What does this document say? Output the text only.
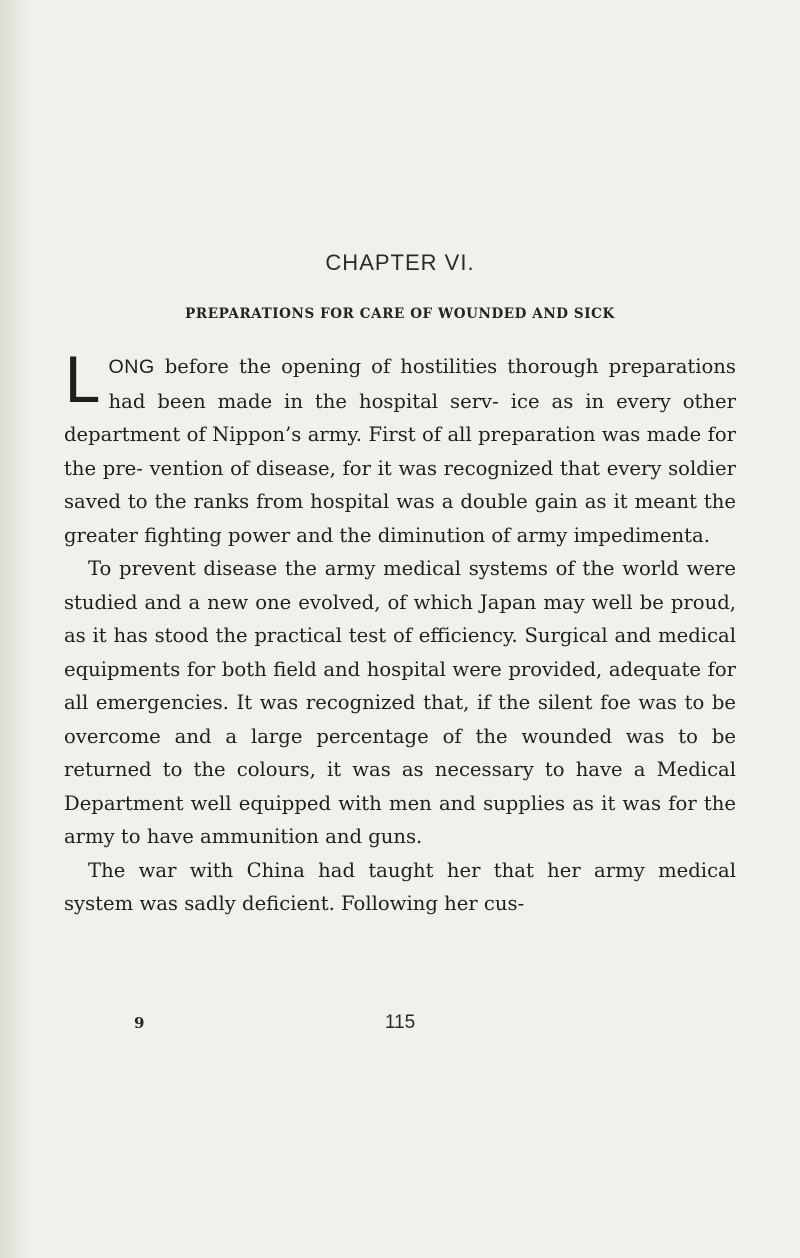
CHAPTER VI.
PREPARATIONS FOR CARE OF WOUNDED AND SICK

LONG before the opening of hostilities thorough preparations had been made in the hospital serv- ice as in every other department of Nippon’s army. First of all preparation was made for the pre- vention of disease, for it was recognized that every soldier saved to the ranks from hospital was a double gain as it meant the greater fighting power and the diminution of army impedimenta.

To prevent disease the army medical systems of the world were studied and a new one evolved, of which Japan may well be proud, as it has stood the practical test of efficiency. Surgical and medical equipments for both field and hospital were provided, adequate for all emergencies. It was recognized that, if the silent foe was to be overcome and a large percentage of the wounded was to be returned to the colours, it was as necessary to have a Medical Department well equipped with men and supplies as it was for the army to have ammunition and guns.

The war with China had taught her that her army medical system was sadly deficient. Following her cus-

9	115
